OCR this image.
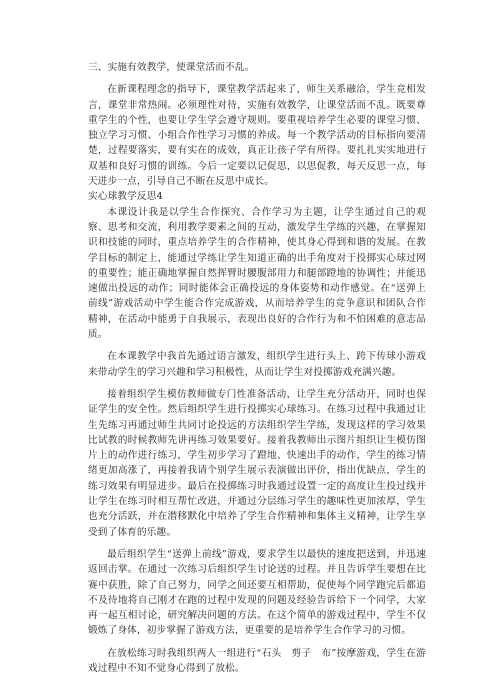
三、实施有效教学，使课堂活而不乱。

在新课程理念的指导下，课堂教学活起来了，师生关系融洽，学生竞相发言，课堂非常热闹。必须理性对待，实施有效教学，让课堂活而不乱。既要尊重学生的个性，也要让学生学会遵守规则。要重视培养学生必要的课堂习惯、独立学习习惯、小组合作性学习习惯的养成。每一个教学活动的目标指向要清楚，过程要落实，要有实在的成效，真正让孩子学有所得。要扎扎实实地进行双基和良好习惯的训练。今后一定要以记促思，以思促教，每天反思一点，每天进步一点，引导自己不断在反思中成长。

实心球教学反思4

本课设计我是以学生合作探究、合作学习为主题，让学生通过自己的观察、思考和交流，利用教学要素之间的互动，激发学生学练的兴趣，在掌握知识和技能的同时，重点培养学生的合作精神，使其身心得到和谐的发展。在教学目标的制定上，能通过学练让学生知道正确的出手角度对于投掷实心球过网的重要性；能正确地掌握自然挥臂时腰腹部用力和腿部蹬地的协调性；并能迅速做出投远的动作；同时能体会正确投远的身体姿势和动作感觉。在“送弹上前线”游戏活动中学生能合作完成游戏，从而培养学生的竞争意识和团队合作精神，在活动中能勇于自我展示，表现出良好的合作行为和不怕困难的意志品质。

在本课教学中我首先通过语言激发，组织学生进行头上、跨下传球小游戏来带动学生的学习兴趣和学习积极性，从而让学生对投掷游戏充满兴趣。

接着组织学生模仿教师做专门性准备活动，让学生充分活动开，同时也保证学生的安全性。然后组织学生进行投掷实心球练习。在练习过程中我通过让生先练习再通过师生共同讨论投远的方法组织学生学练，发现这样的学习效果比试教的时候教师先讲再练习效果要好。接着我教师出示图片组织让生模仿图片上的动作进行练习，学生初步学习了蹬地、快速出手的动作，学生的练习情绪更加高涨了，再接着我请个别学生展示表演做出评价，指出优缺点，学生的练习效果有明显进步。最后在投掷练习时我通过设置一定的高度让生投过线并让学生在练习时相互帮忙改进，并通过分层练习学生的趣味性更加浓厚，学生也充分活跃，并在潜移默化中培养了学生合作精神和集体主义精神，让学生享受到了体育的乐趣。

最后组织学生“送弹上前线”游戏，要求学生以最快的速度把送到，并迅速返回击掌。在通过一次练习后组织学生讨论送的过程。并且告诉学生要想在比赛中获胜，除了自己努力，同学之间还要互相帮助，促使每个同学跑完后都追不及待地将自己刚才在跑的过程中发现的问题及经验告诉给下一个同学，大家再一起互相讨论，研究解决问题的方法。在这个简单的游戏过程中，学生不仅锻炼了身体，初步掌握了游戏方法，更重要的是培养学生合作学习的习惯。

在放松练习时我组织两人一组进行“石头　剪子　布”按摩游戏，学生在游戏过程中不知不觉身心得到了放松。
